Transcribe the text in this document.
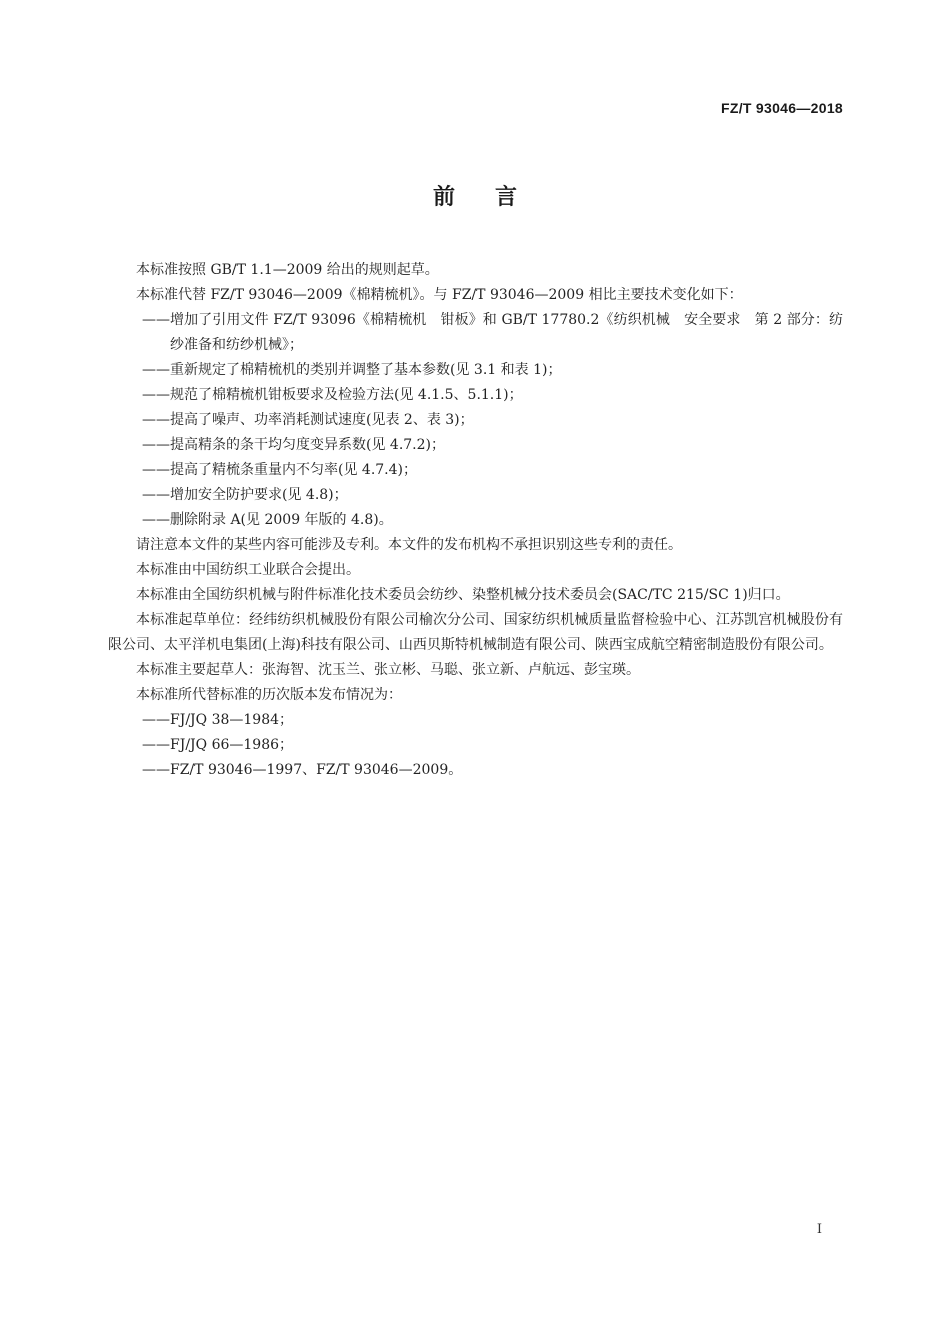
FZ/T 93046—2018
前 言

本标准按照 GB/T 1.1—2009 给出的规则起草。

本标准代替 FZ/T 93046—2009《棉精梳机》。与 FZ/T 93046—2009 相比主要技术变化如下：

—— 增加了引用文件 FZ/T 93096《棉精梳机　钳板》和 GB/T 17780.2《纺织机械　安全要求　第 2 部分：纺纱准备和纺纱机械》；

—— 重新规定了棉精梳机的类别并调整了基本参数(见 3.1 和表 1)；

—— 规范了棉精梳机钳板要求及检验方法(见 4.1.5、5.1.1)；

—— 提高了噪声、功率消耗测试速度(见表 2、表 3)；

—— 提高精条的条干均匀度变异系数(见 4.7.2)；

—— 提高了精梳条重量内不匀率(见 4.7.4)；

—— 增加安全防护要求(见 4.8)；

—— 删除附录 A(见 2009 年版的 4.8)。

请注意本文件的某些内容可能涉及专利。本文件的发布机构不承担识别这些专利的责任。

本标准由中国纺织工业联合会提出。

本标准由全国纺织机械与附件标准化技术委员会纺纱、染整机械分技术委员会(SAC/TC 215/SC 1)归口。

本标准起草单位：经纬纺织机械股份有限公司榆次分公司、国家纺织机械质量监督检验中心、江苏凯宫机械股份有限公司、太平洋机电集团(上海)科技有限公司、山西贝斯特机械制造有限公司、陕西宝成航空精密制造股份有限公司。

本标准主要起草人：张海智、沈玉兰、张立彬、马聪、张立新、卢航远、彭宝瑛。

本标准所代替标准的历次版本发布情况为：

—— FJ/JQ 38—1984；

—— FJ/JQ 66—1986；

—— FZ/T 93046—1997、FZ/T 93046—2009。

I
